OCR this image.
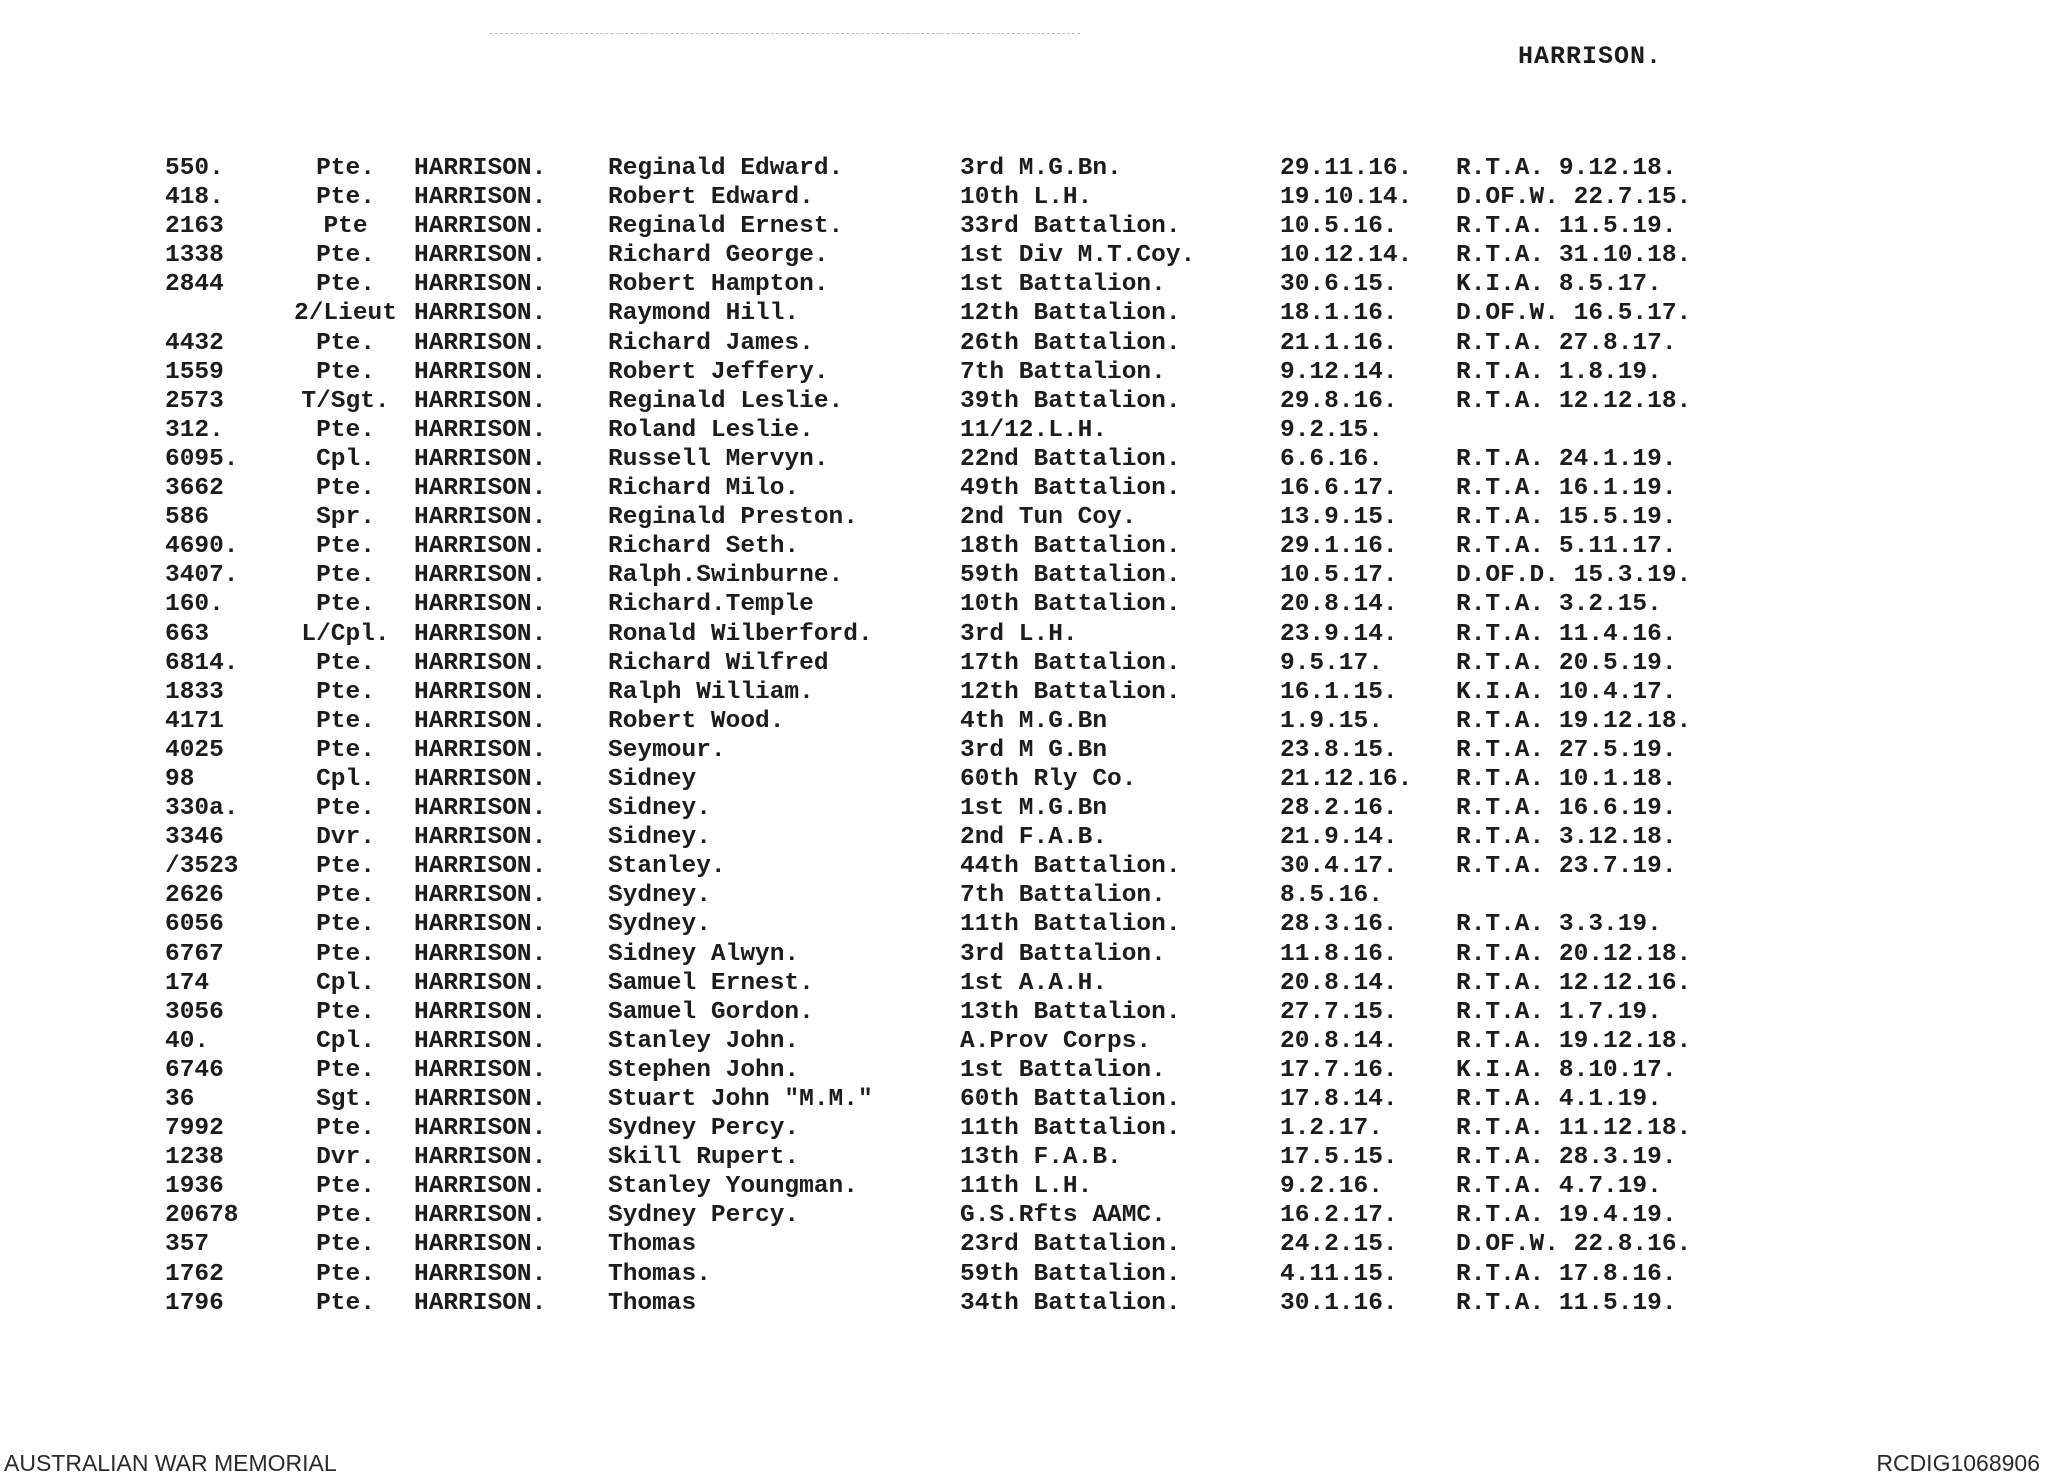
HARRISON.
550.	Pte.	HARRISON.	Reginald Edward.	3rd M.G.Bn.	29.11.16.	R.T.A. 9.12.18.
418.	Pte.	HARRISON.	Robert Edward.	10th L.H.	19.10.14.	D.OF.W. 22.7.15.
2163	Pte	HARRISON.	Reginald Ernest.	33rd Battalion.	10.5.16.	R.T.A. 11.5.19.
1338	Pte.	HARRISON.	Richard George.	1st Div M.T.Coy.	10.12.14.	R.T.A. 31.10.18.
2844	Pte.	HARRISON.	Robert Hampton.	1st Battalion.	30.6.15.	K.I.A. 8.5.17.
	2/Lieut	HARRISON.	Raymond Hill.	12th Battalion.	18.1.16.	D.OF.W. 16.5.17.
4432	Pte.	HARRISON.	Richard James.	26th Battalion.	21.1.16.	R.T.A. 27.8.17.
1559	Pte.	HARRISON.	Robert Jeffery.	7th Battalion.	9.12.14.	R.T.A. 1.8.19.
2573	T/Sgt.	HARRISON.	Reginald Leslie.	39th Battalion.	29.8.16.	R.T.A. 12.12.18.
312.	Pte.	HARRISON.	Roland Leslie.	11/12.L.H.	9.2.15.	
6095.	Cpl.	HARRISON.	Russell Mervyn.	22nd Battalion.	6.6.16.	R.T.A. 24.1.19.
3662	Pte.	HARRISON.	Richard Milo.	49th Battalion.	16.6.17.	R.T.A. 16.1.19.
586	Spr.	HARRISON.	Reginald Preston.	2nd Tun Coy.	13.9.15.	R.T.A. 15.5.19.
4690.	Pte.	HARRISON.	Richard Seth.	18th Battalion.	29.1.16.	R.T.A. 5.11.17.
3407.	Pte.	HARRISON.	Ralph.Swinburne.	59th Battalion.	10.5.17.	D.OF.D. 15.3.19.
160.	Pte.	HARRISON.	Richard.Temple	10th Battalion.	20.8.14.	R.T.A. 3.2.15.
663	L/Cpl.	HARRISON.	Ronald Wilberford.	3rd L.H.	23.9.14.	R.T.A. 11.4.16.
6814.	Pte.	HARRISON.	Richard Wilfred	17th Battalion.	9.5.17.	R.T.A. 20.5.19.
1833	Pte.	HARRISON.	Ralph William.	12th Battalion.	16.1.15.	K.I.A. 10.4.17.
4171	Pte.	HARRISON.	Robert Wood.	4th M.G.Bn	1.9.15.	R.T.A. 19.12.18.
4025	Pte.	HARRISON.	Seymour.	3rd M G.Bn	23.8.15.	R.T.A. 27.5.19.
98	Cpl.	HARRISON.	Sidney	60th Rly Co.	21.12.16.	R.T.A. 10.1.18.
330a.	Pte.	HARRISON.	Sidney.	1st M.G.Bn	28.2.16.	R.T.A. 16.6.19.
3346	Dvr.	HARRISON.	Sidney.	2nd F.A.B.	21.9.14.	R.T.A. 3.12.18.
/3523	Pte.	HARRISON.	Stanley.	44th Battalion.	30.4.17.	R.T.A. 23.7.19.
2626	Pte.	HARRISON.	Sydney.	7th Battalion.	8.5.16.	
6056	Pte.	HARRISON.	Sydney.	11th Battalion.	28.3.16.	R.T.A. 3.3.19.
6767	Pte.	HARRISON.	Sidney Alwyn.	3rd Battalion.	11.8.16.	R.T.A. 20.12.18.
174	Cpl.	HARRISON.	Samuel Ernest.	1st A.A.H.	20.8.14.	R.T.A. 12.12.16.
3056	Pte.	HARRISON.	Samuel Gordon.	13th Battalion.	27.7.15.	R.T.A. 1.7.19.
40.	Cpl.	HARRISON.	Stanley John.	A.Prov Corps.	20.8.14.	R.T.A. 19.12.18.
6746	Pte.	HARRISON.	Stephen John.	1st Battalion.	17.7.16.	K.I.A. 8.10.17.
36	Sgt.	HARRISON.	Stuart John "M.M."	60th Battalion.	17.8.14.	R.T.A. 4.1.19.
7992	Pte.	HARRISON.	Sydney Percy.	11th Battalion.	1.2.17.	R.T.A. 11.12.18.
1238	Dvr.	HARRISON.	Skill Rupert.	13th F.A.B.	17.5.15.	R.T.A. 28.3.19.
1936	Pte.	HARRISON.	Stanley Youngman.	11th L.H.	9.2.16.	R.T.A. 4.7.19.
20678	Pte.	HARRISON.	Sydney Percy.	G.S.Rfts AAMC.	16.2.17.	R.T.A. 19.4.19.
357	Pte.	HARRISON.	Thomas	23rd Battalion.	24.2.15.	D.OF.W. 22.8.16.
1762	Pte.	HARRISON.	Thomas.	59th Battalion.	4.11.15.	R.T.A. 17.8.16.
1796	Pte.	HARRISON.	Thomas	34th Battalion.	30.1.16.	R.T.A. 11.5.19.
AUSTRALIAN WAR MEMORIAL	RCDIG1068906
